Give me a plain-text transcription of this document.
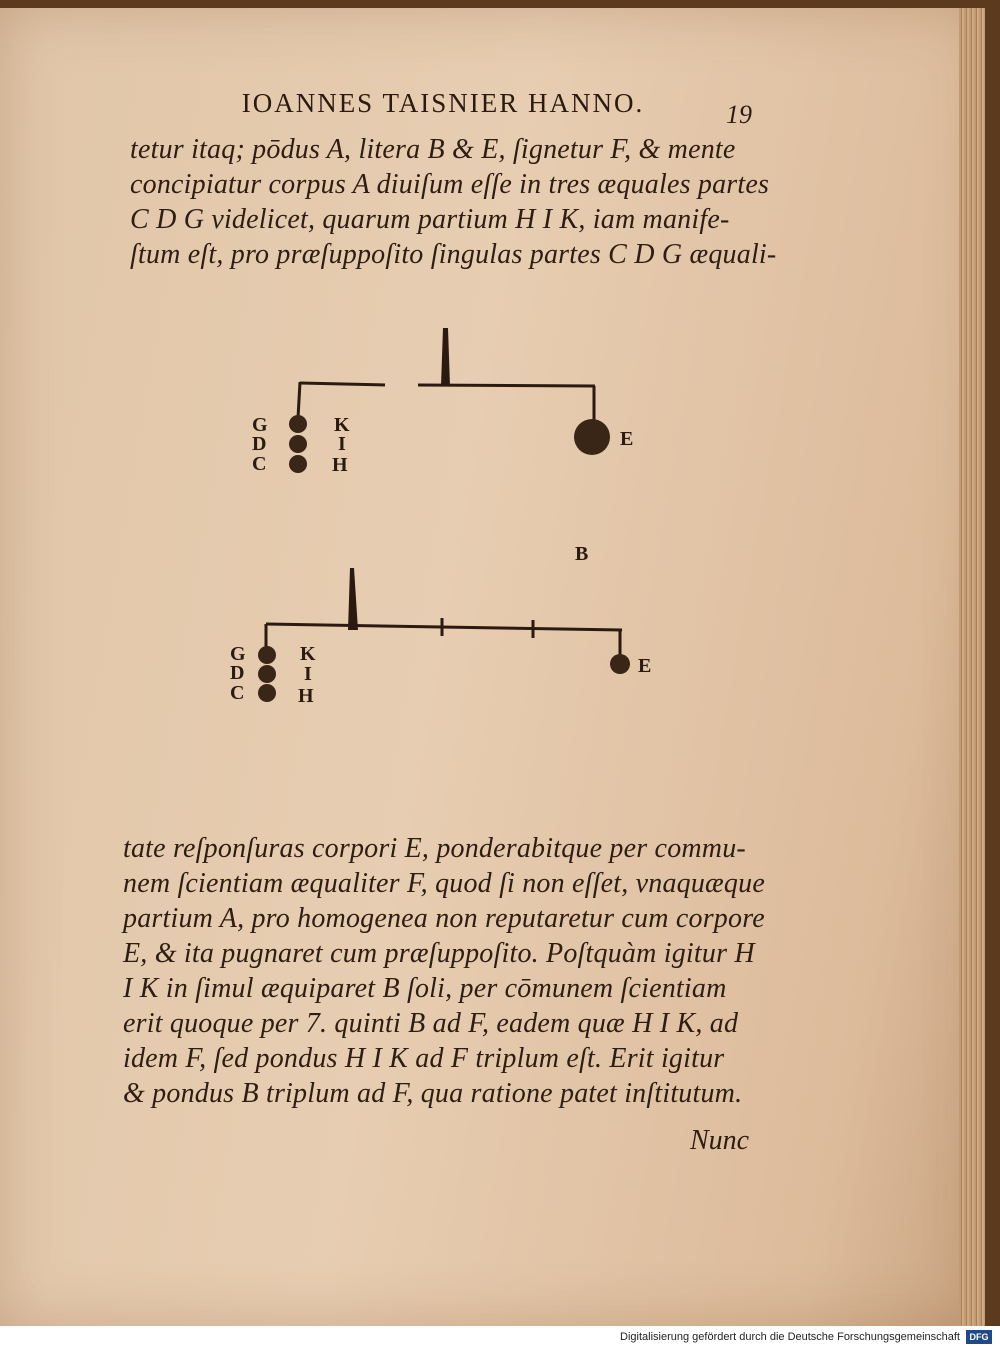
IOANNES TAISNIER HANNO.	19
tetur itaq; pōdus A, litera B & E, ſignetur F, & mente
concipiatur corpus A diuiſum eſſe in tres æquales partes
C D G videlicet, quarum partium H I K, iam manife-
ſtum eſt, pro præſuppoſito ſingulas partes C D G æquali-
G
D
C
K
I
H
E
B
G
D
C
K
I
H
E
tate reſponſuras corpori E, ponderabitque per commu-
nem ſcientiam æqualiter F, quod ſi non eſſet, vnaquæque
partium A, pro homogenea non reputaretur cum corpore
E, & ita pugnaret cum præſuppoſito. Poſtquàm igitur H
I K in ſimul æquiparet B ſoli, per cōmunem ſcientiam
erit quoque per 7. quinti B ad F, eadem quæ H I K, ad
idem F, ſed pondus H I K ad F triplum eſt. Erit igitur
& pondus B triplum ad F, qua ratione patet inſtitutum.
Nunc
Digitalisierung gefördert durch die Deutsche Forschungsgemeinschaft	DFG
